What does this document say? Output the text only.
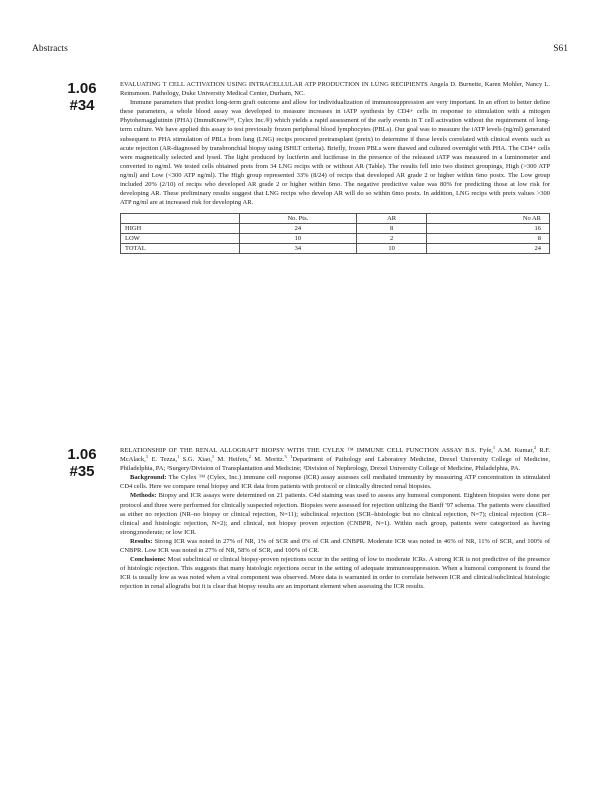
Abstracts	S61
1.06
#34

EVALUATING T CELL ACTIVATION USING INTRACELLULAR ATP PRODUCTION IN LUNG RECIPIENTS Angela D. Burnette, Karen Mohler, Nancy L. Reinsmoen. Pathology, Duke University Medical Center, Durham, NC.

Immune parameters that predict long-term graft outcome and allow for individualization of immunosuppression are very important. In an effort to better define these parameters, a whole blood assay was developed to measure increases in iATP synthesis by CD4+ cells in response to stimulation with a mitogen Phytohemagglutinin (PHA) (ImmuKnow™, Cylex Inc.®) which yields a rapid assessment of the early events in T cell activation without the requirement of long-term culture. We have applied this assay to test previously frozen peripheral blood lymphocytes (PBLs). Our goal was to measure the iATP levels (ng/ml) generated subsequent to PHA stimulation of PBLs from lung (LNG) recips procured pretransplant (pretx) to determine if these levels correlated with clinical events such as acute rejection (AR-diagnosed by transbronchial biopsy using ISHLT criteria). Briefly, frozen PBLs were thawed and cultured overnight with PHA. The CD4+ cells were magnetically selected and lysed. The light produced by luciferin and luciferase in the presence of the released iATP was measured in a luminometer and converted to ng/ml. We tested cells obtained prets from 34 LNG recips with or without AR (Table). The results fell into two distinct groupings, High (>300 ATP ng/ml) and Low (<300 ATP ng/ml). The High group represented 33% (8/24) of recips that developed AR grade 2 or higher within 6mo postx. The Low group included 20% (2/10) of recips who developed AR grade 2 or higher within 6mo. The negative predictive value was 80% for predicting those at low risk for developing AR. These preliminary results suggest that LNG recips who develop AR will do so within 6mo postx. In addition, LNG recips with pretx values >300 ATP ng/ml are at increased risk for developing AR.

	No. Pts.	AR	No AR
HIGH	24	8	16
LOW	10	2	8
TOTAL	34	10	24
1.06
#35

RELATIONSHIP OF THE RENAL ALLOGRAFT BIOPSY WITH THE CYLEX ™ IMMUNE CELL FUNCTION ASSAY B.S. Fyfe,$^1$ A.M. Kumar,$^2$ R.F. McAlack,$^1$ E. Tezza,$^1$ S.G. Xiao,$^1$ M. Heifets,$^2$ M. Moritz.$^3$ $^1$Department of Pathology and Laboratory Medicine, Drexel University College of Medicine, Philadelphia, PA; ²Surgery/Division of Transplantation and Medicine; ³Division of Nephrology, Drexel University College of Medicine, Philadelphia, PA.

Background: The Cylex ™ (Cylex, Inc.) immune cell response (ICR) assay assesses cell mediated immunity by measuring ATP concentration in stimulated CD4 cells. Here we compare renal biopsy and ICR data from patients with protocol or clinically directed renal biopsies.

Methods: Biopsy and ICR assays were determined on 21 patients. C4d staining was used to assess any humoral component. Eighteen biopsies were done per protocol and three were performed for clinically suspected rejection. Biopsies were assessed for rejection utilizing the Banff '97 schema. The patients were classified as either no rejection (NR–no biopsy or clinical rejection, N=11); subclinical rejection (SCR–histologic but no clinical rejection, N=7); clinical rejection (CR–clinical and histologic rejection, N=2); and clinical, not biopsy proven rejection (CNBPR, N=1). Within each group, patients were categorized as having strong;moderate; or low ICR.

Results: Strong ICR was noted in 27% of NR, 1% of SCR and 0% of CR and CNBPR. Moderate ICR was noted in 46% of NR, 11% of SCR, and 100% of CNBPR. Low ICR was noted in 27% of NR, 58% of SCR, and 100% of CR.

Conclusions: Most subclinical or clinical biopsy-proven rejections occur in the setting of low to moderate ICRs. A strong ICR is not predictive of the presence of histologic rejection. This suggests that many histologic rejections occur in the setting of adequate immunosuppression. When a humoral component is found the ICR is usually low as was noted when a viral component was observed. More data is warranted in order to correlate between ICR and clinical/subclinical histologic rejection in renal allografts but it is clear that biopsy results are an important element when assessing the ICR results.
